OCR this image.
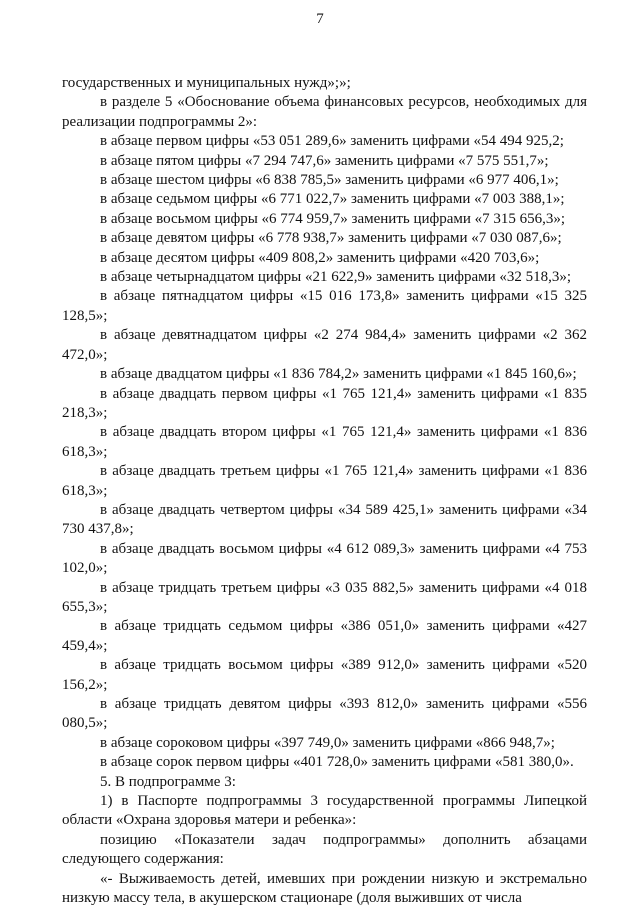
7

государственных и муниципальных нужд»;»;

в разделе 5 «Обоснование объема финансовых ресурсов, необходимых для реализации подпрограммы 2»:

в абзаце первом цифры «53 051 289,6» заменить цифрами «54 494 925,2;

в абзаце пятом цифры «7 294 747,6» заменить цифрами «7 575 551,7»;

в абзаце шестом цифры «6 838 785,5» заменить цифрами «6 977 406,1»;

в абзаце седьмом цифры «6 771 022,7» заменить цифрами «7 003 388,1»;

в абзаце восьмом цифры «6 774 959,7» заменить цифрами «7 315 656,3»;

в абзаце девятом цифры «6 778 938,7» заменить цифрами «7 030 087,6»;

в абзаце десятом цифры «409 808,2» заменить цифрами «420 703,6»;

в абзаце четырнадцатом цифры «21 622,9» заменить цифрами «32 518,3»;

в абзаце пятнадцатом цифры «15 016 173,8» заменить цифрами «15 325 128,5»;

в абзаце девятнадцатом цифры «2 274 984,4» заменить цифрами «2 362 472,0»;

в абзаце двадцатом цифры «1 836 784,2» заменить цифрами «1 845 160,6»;

в абзаце двадцать первом цифры «1 765 121,4» заменить цифрами «1 835 218,3»;

в абзаце двадцать втором цифры «1 765 121,4» заменить цифрами «1 836 618,3»;

в абзаце двадцать третьем цифры «1 765 121,4» заменить цифрами «1 836 618,3»;

в абзаце двадцать четвертом цифры «34 589 425,1» заменить цифрами «34 730 437,8»;

в абзаце двадцать восьмом цифры «4 612 089,3» заменить цифрами «4 753 102,0»;

в абзаце тридцать третьем цифры «3 035 882,5» заменить цифрами «4 018 655,3»;

в абзаце тридцать седьмом цифры «386 051,0» заменить цифрами «427 459,4»;

в абзаце тридцать восьмом цифры «389 912,0» заменить цифрами «520 156,2»;

в абзаце тридцать девятом цифры «393 812,0» заменить цифрами «556 080,5»;

в абзаце сороковом цифры «397 749,0» заменить цифрами «866 948,7»;

в абзаце сорок первом цифры «401 728,0» заменить цифрами «581 380,0».

5. В подпрограмме 3:

1) в Паспорте подпрограммы 3 государственной программы Липецкой области «Охрана здоровья матери и ребенка»:

позицию «Показатели задач подпрограммы» дополнить абзацами следующего содержания:

«- Выживаемость детей, имевших при рождении низкую и экстремально низкую массу тела, в акушерском стационаре (доля выживших от числа
